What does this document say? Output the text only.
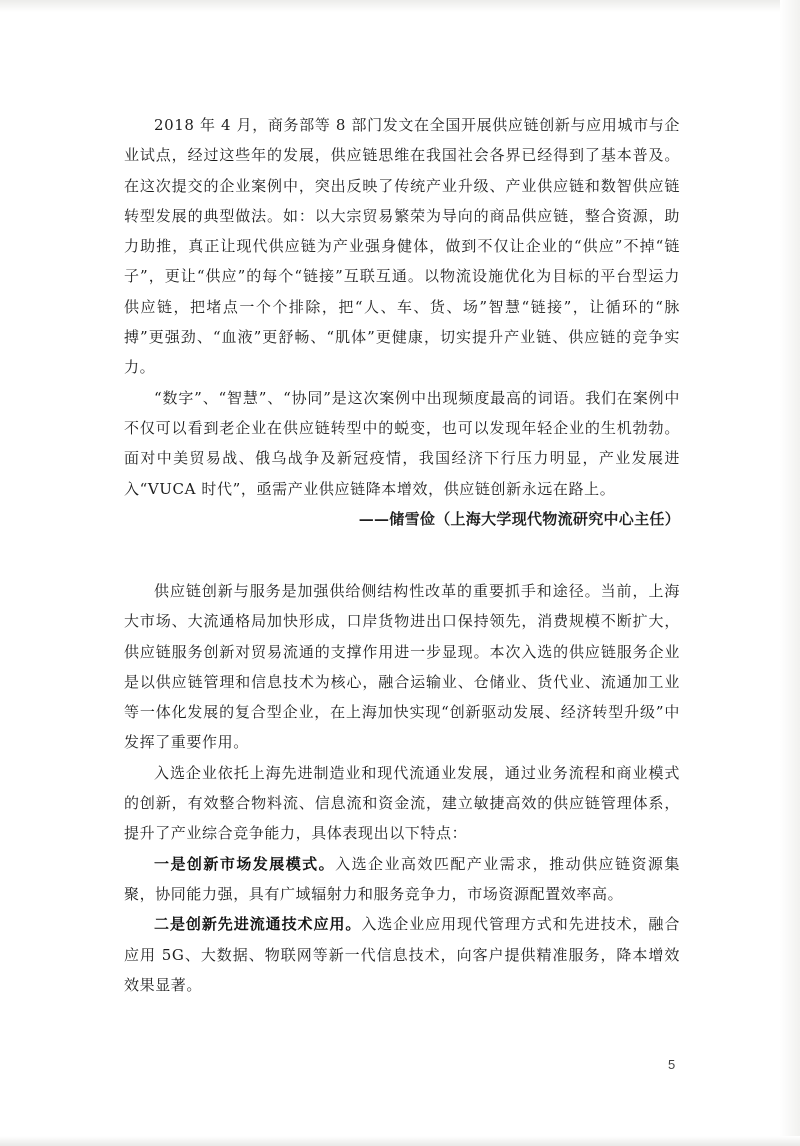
2018 年 4 月，商务部等 8 部门发文在全国开展供应链创新与应用城市与企业试点，经过这些年的发展，供应链思维在我国社会各界已经得到了基本普及。在这次提交的企业案例中，突出反映了传统产业升级、产业供应链和数智供应链转型发展的典型做法。如：以大宗贸易繁荣为导向的商品供应链，整合资源，助力助推，真正让现代供应链为产业强身健体，做到不仅让企业的“供应”不掉“链子”，更让“供应”的每个“链接”互联互通。以物流设施优化为目标的平台型运力供应链，把堵点一个个排除，把“人、车、货、场”智慧“链接”，让循环的“脉搏”更强劲、“血液”更舒畅、“肌体”更健康，切实提升产业链、供应链的竞争实力。

“数字”、“智慧”、“协同”是这次案例中出现频度最高的词语。我们在案例中不仅可以看到老企业在供应链转型中的蜕变，也可以发现年轻企业的生机勃勃。面对中美贸易战、俄乌战争及新冠疫情，我国经济下行压力明显，产业发展进入“VUCA 时代”，亟需产业供应链降本增效，供应链创新永远在路上。

——储雪俭（上海大学现代物流研究中心主任）

供应链创新与服务是加强供给侧结构性改革的重要抓手和途径。当前，上海大市场、大流通格局加快形成，口岸货物进出口保持领先，消费规模不断扩大，供应链服务创新对贸易流通的支撑作用进一步显现。本次入选的供应链服务企业是以供应链管理和信息技术为核心，融合运输业、仓储业、货代业、流通加工业等一体化发展的复合型企业，在上海加快实现“创新驱动发展、经济转型升级”中发挥了重要作用。

入选企业依托上海先进制造业和现代流通业发展，通过业务流程和商业模式的创新，有效整合物料流、信息流和资金流，建立敏捷高效的供应链管理体系，提升了产业综合竞争能力，具体表现出以下特点：

一是创新市场发展模式。入选企业高效匹配产业需求，推动供应链资源集聚，协同能力强，具有广域辐射力和服务竞争力，市场资源配置效率高。

二是创新先进流通技术应用。入选企业应用现代管理方式和先进技术，融合应用 5G、大数据、物联网等新一代信息技术，向客户提供精准服务，降本增效效果显著。

5
